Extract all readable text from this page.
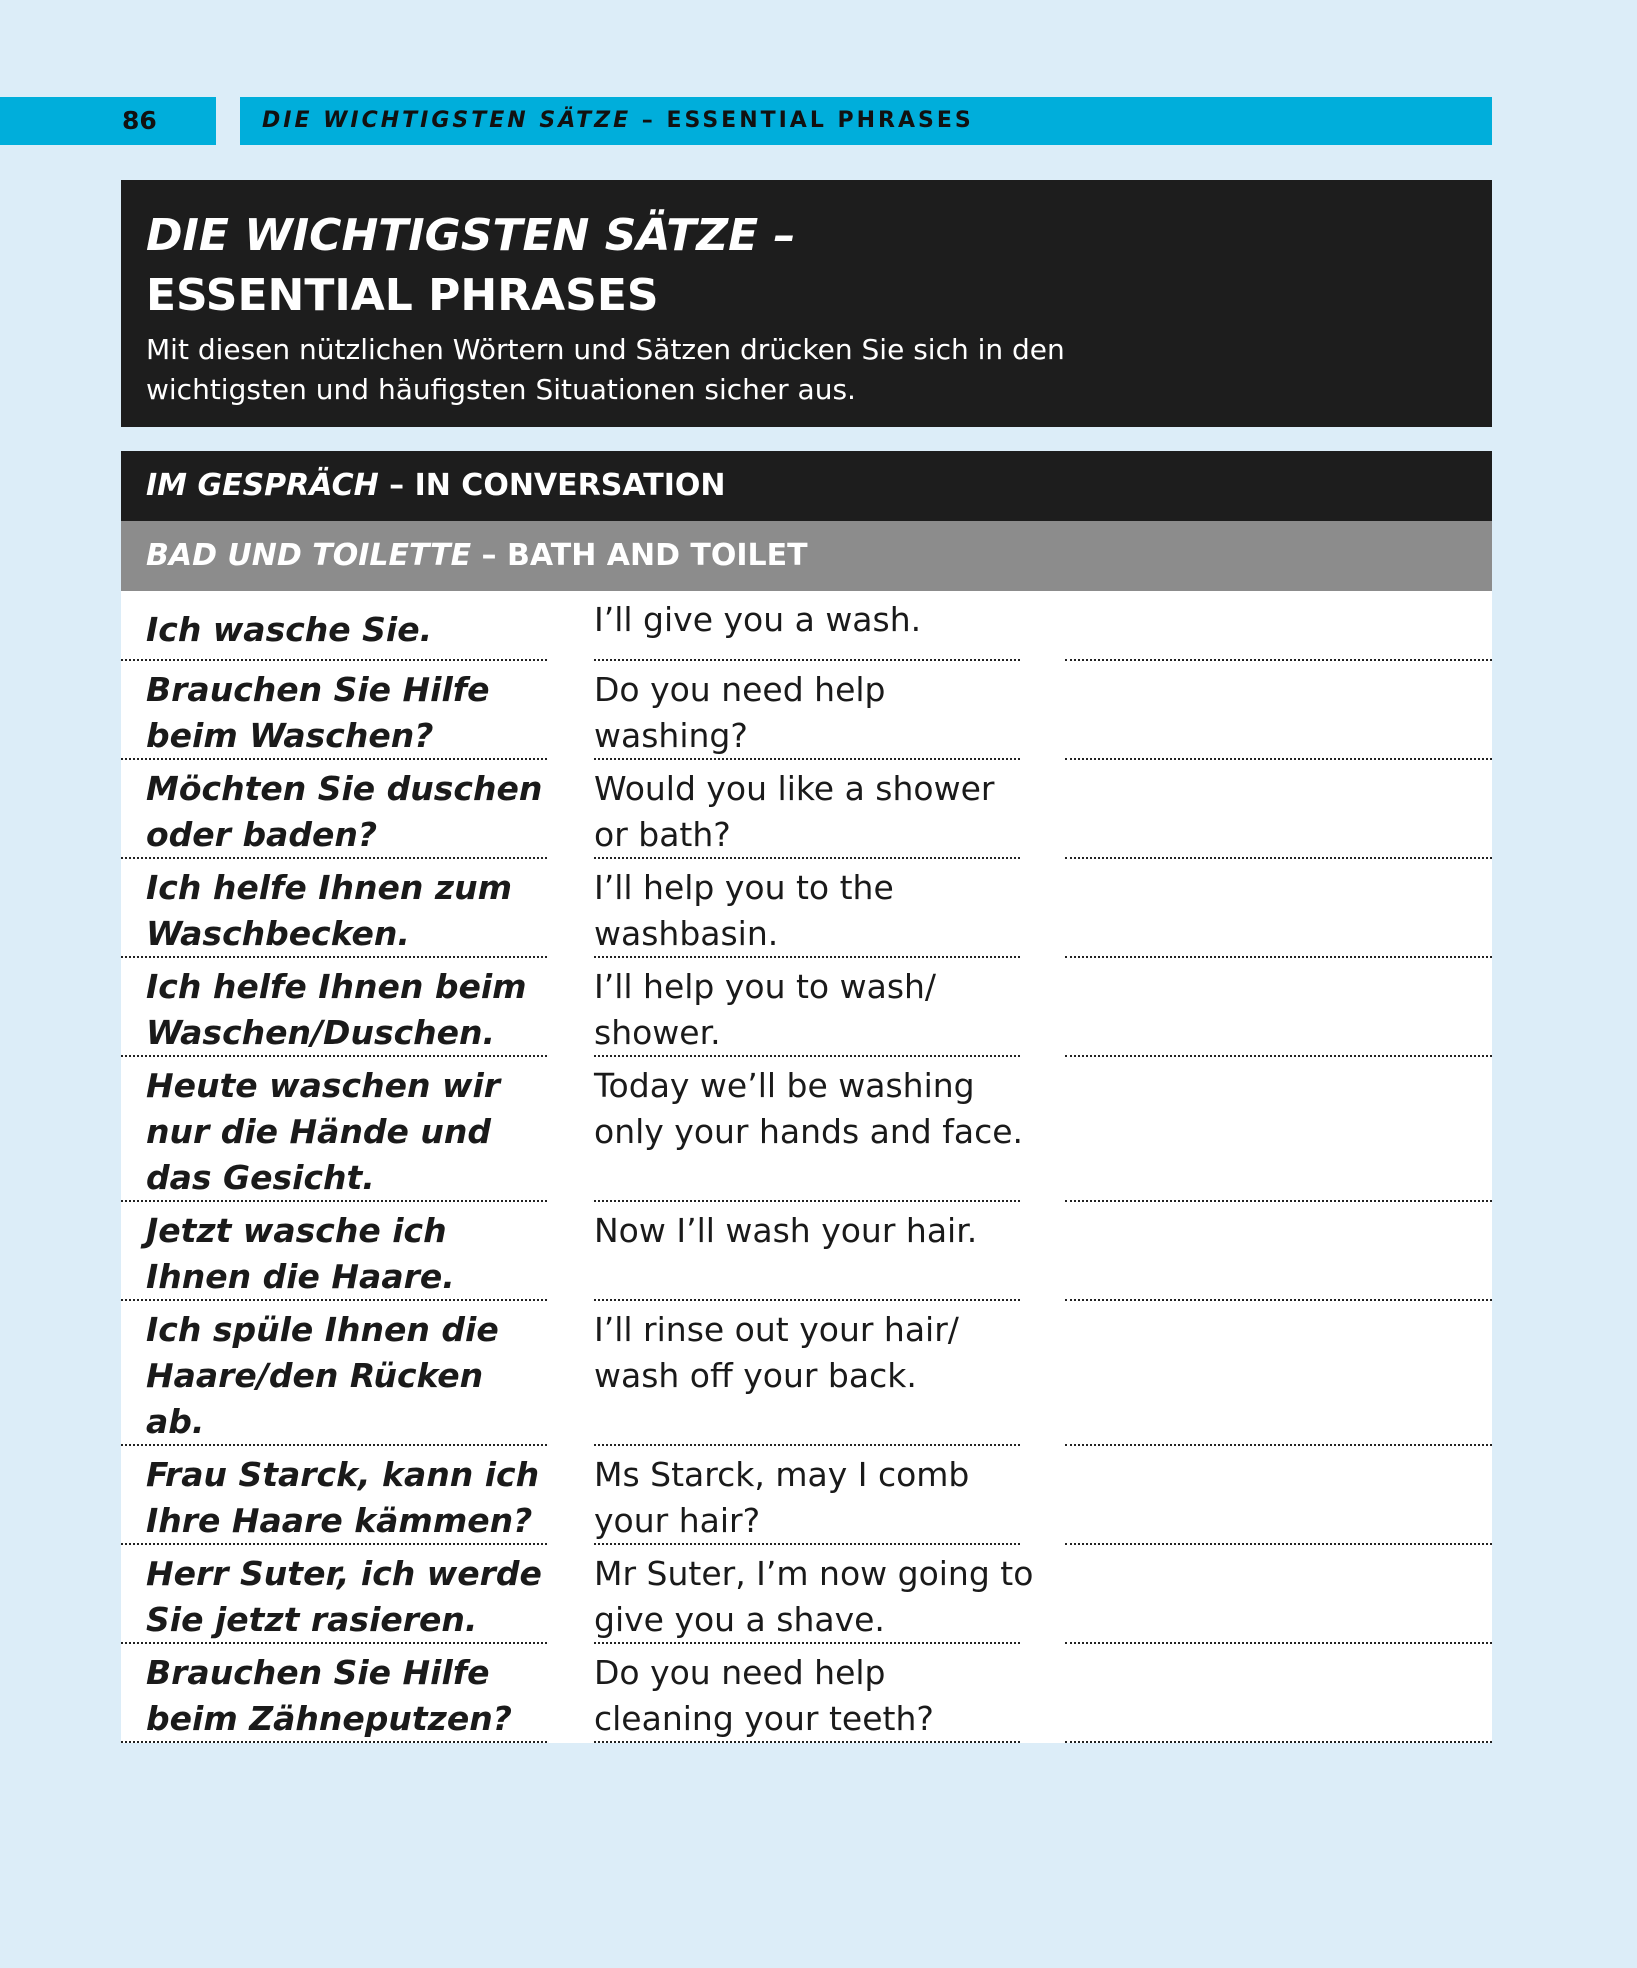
86	DIE WICHTIGSTEN SÄTZE – ESSENTIAL PHRASES
DIE WICHTIGSTEN SÄTZE –
ESSENTIAL PHRASES
Mit diesen nützlichen Wörtern und Sätzen drücken Sie sich in den wichtigsten und häufigsten Situationen sicher aus.
IM GESPRÄCH – IN CONVERSATION
BAD UND TOILETTE – BATH AND TOILET
Ich wasche Sie.	I’ll give you a wash.
Brauchen Sie Hilfe beim Waschen?
Do you need help washing?
Möchten Sie duschen oder baden?
Would you like a shower or bath?
Ich helfe Ihnen zum Waschbecken.
I’ll help you to the washbasin.
Ich helfe Ihnen beim Waschen/Duschen.
I’ll help you to wash/ shower.
Heute waschen wir nur die Hände und das Gesicht.
Today we’ll be washing only your hands and face.
Jetzt wasche ich Ihnen die Haare.
Now I’ll wash your hair.
Ich spüle Ihnen die Haare/den Rücken ab.
I’ll rinse out your hair/ wash off your back.
Frau Starck, kann ich Ihre Haare kämmen?
Ms Starck, may I comb your hair?
Herr Suter, ich werde Sie jetzt rasieren.
Mr Suter, I’m now going to give you a shave.
Brauchen Sie Hilfe beim Zähneputzen?
Do you need help cleaning your teeth?
